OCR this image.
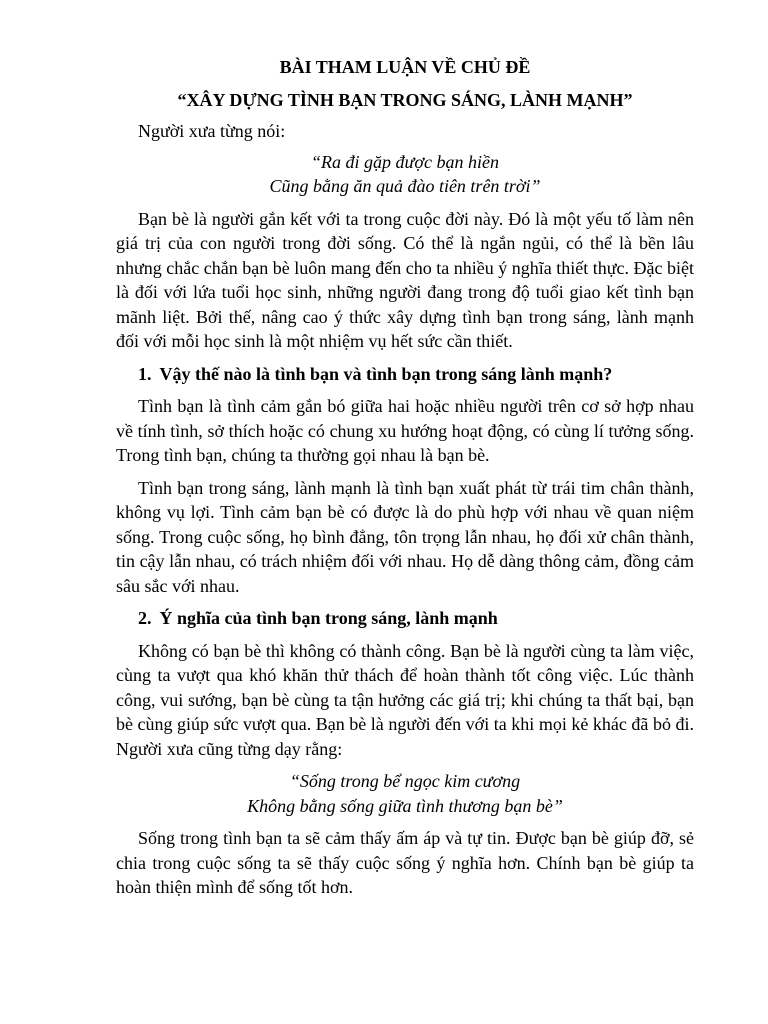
BÀI THAM LUẬN VỀ CHỦ ĐỀ

“XÂY DỰNG TÌNH BẠN TRONG SÁNG, LÀNH MẠNH”

Người xưa từng nói:

“Ra đi gặp được bạn hiền
Cũng bằng ăn quả đào tiên trên trời”

Bạn bè là người gắn kết với ta trong cuộc đời này. Đó là một yếu tố làm nên giá trị của con người trong đời sống. Có thể là ngắn ngủi, có thể là bền lâu nhưng chắc chắn bạn bè luôn mang đến cho ta nhiều ý nghĩa thiết thực. Đặc biệt là đối với lứa tuổi học sinh, những người đang trong độ tuổi giao kết tình bạn mãnh liệt. Bởi thế, nâng cao ý thức xây dựng tình bạn trong sáng, lành mạnh đối với mỗi học sinh là một nhiệm vụ hết sức cần thiết.

1. Vậy thế nào là tình bạn và tình bạn trong sáng lành mạnh?

Tình bạn là tình cảm gắn bó giữa hai hoặc nhiều người trên cơ sở hợp nhau về tính tình, sở thích hoặc có chung xu hướng hoạt động, có cùng lí tưởng sống. Trong tình bạn, chúng ta thường gọi nhau là bạn bè.

Tình bạn trong sáng, lành mạnh là tình bạn xuất phát từ trái tim chân thành, không vụ lợi. Tình cảm bạn bè có được là do phù hợp với nhau về quan niệm sống. Trong cuộc sống, họ bình đẳng, tôn trọng lẫn nhau, họ đối xử chân thành, tin cậy lẫn nhau, có trách nhiệm đối với nhau. Họ dễ dàng thông cảm, đồng cảm sâu sắc với nhau.

2. Ý nghĩa của tình bạn trong sáng, lành mạnh

Không có bạn bè thì không có thành công. Bạn bè là người cùng ta làm việc, cùng ta vượt qua khó khăn thử thách để hoàn thành tốt công việc. Lúc thành công, vui sướng, bạn bè cùng ta tận hưởng các giá trị; khi chúng ta thất bại, bạn bè cùng giúp sức vượt qua. Bạn bè là người đến với ta khi mọi kẻ khác đã bỏ đi. Người xưa cũng từng dạy rằng:

“Sống trong bể ngọc kim cương
Không bằng sống giữa tình thương bạn bè”

Sống trong tình bạn ta sẽ cảm thấy ấm áp và tự tin. Được bạn bè giúp đỡ, sẻ chia trong cuộc sống ta sẽ thấy cuộc sống ý nghĩa hơn. Chính bạn bè giúp ta hoàn thiện mình để sống tốt hơn.
